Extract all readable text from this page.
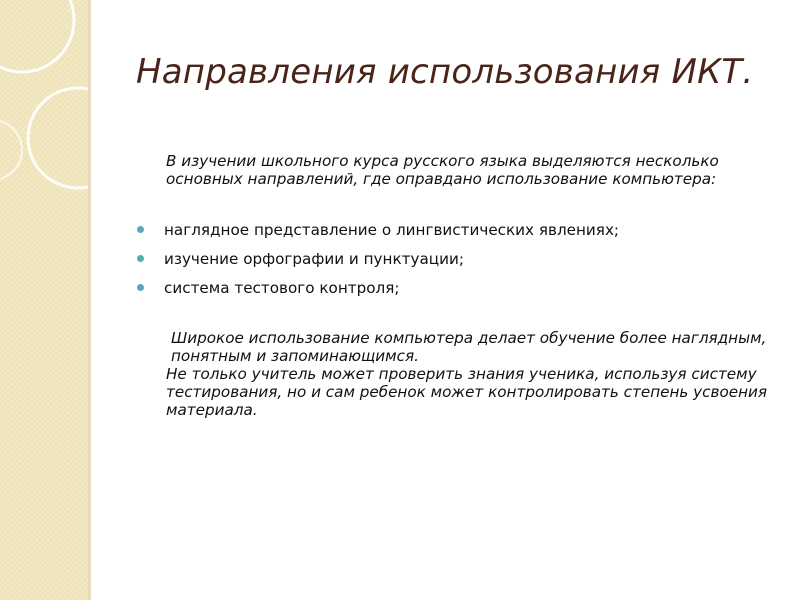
Направления использования ИКТ.

В изучении школьного курса русского языка выделяются несколько основных направлений, где оправдано использование компьютера:

наглядное представление о лингвистических явлениях;
изучение орфографии и пунктуации;
система тестового контроля;

Широкое использование компьютера делает обучение более наглядным, понятным и запоминающимся.

Не только учитель может проверить знания ученика, используя систему тестирования, но и сам ребенок может контролировать степень усвоения материала.
